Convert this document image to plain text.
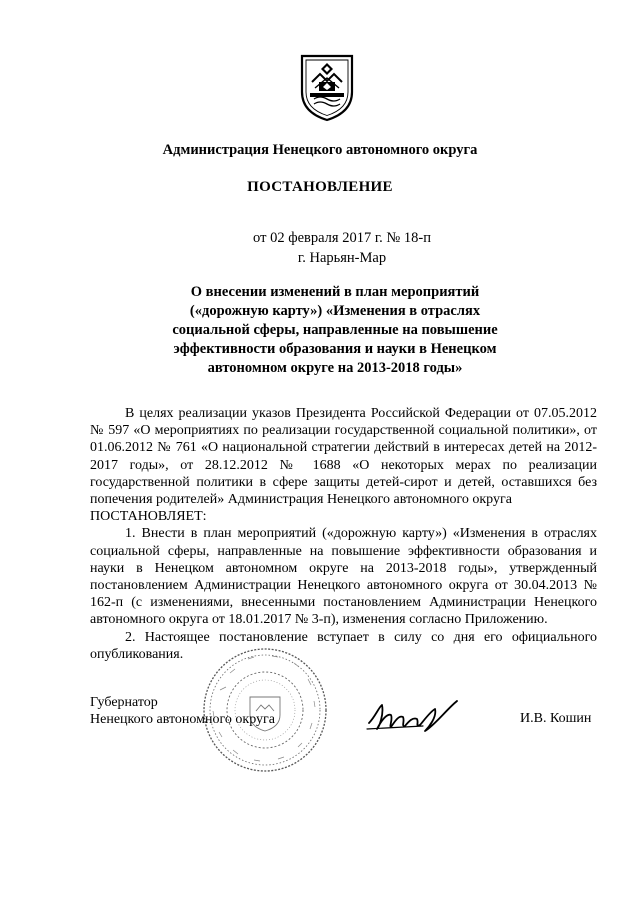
Администрация Ненецкого автономного округа
ПОСТАНОВЛЕНИЕ
от 02 февраля 2017 г. № 18-п
г. Нарьян-Мар
О внесении изменений в план мероприятий («дорожную карту») «Изменения в отраслях социальной сферы, направленные на повышение эффективности образования и науки в Ненецком автономном округе на 2013-2018 годы»

В целях реализации указов Президента Российской Федерации от 07.05.2012 № 597 «О мероприятиях по реализации государственной социальной политики», от 01.06.2012 № 761 «О национальной стратегии действий в интересах детей на 2012-2017 годы», от 28.12.2012 № 1688 «О некоторых мерах по реализации государственной политики в сфере защиты детей-сирот и детей, оставшихся без попечения родителей» Администрация Ненецкого автономного округа

ПОСТАНОВЛЯЕТ:

1. Внести в план мероприятий («дорожную карту») «Изменения в отраслях социальной сферы, направленные на повышение эффективности образования и науки в Ненецком автономном округе на 2013-2018 годы», утвержденный постановлением Администрации Ненецкого автономного округа от 30.04.2013 № 162-п (с изменениями, внесенными постановлением Администрации Ненецкого автономного округа от 18.01.2017 № 3-п), изменения согласно Приложению.

2. Настоящее постановление вступает в силу со дня его официального опубликования.

Губернатор
Ненецкого автономного округа	И.В. Кошин
